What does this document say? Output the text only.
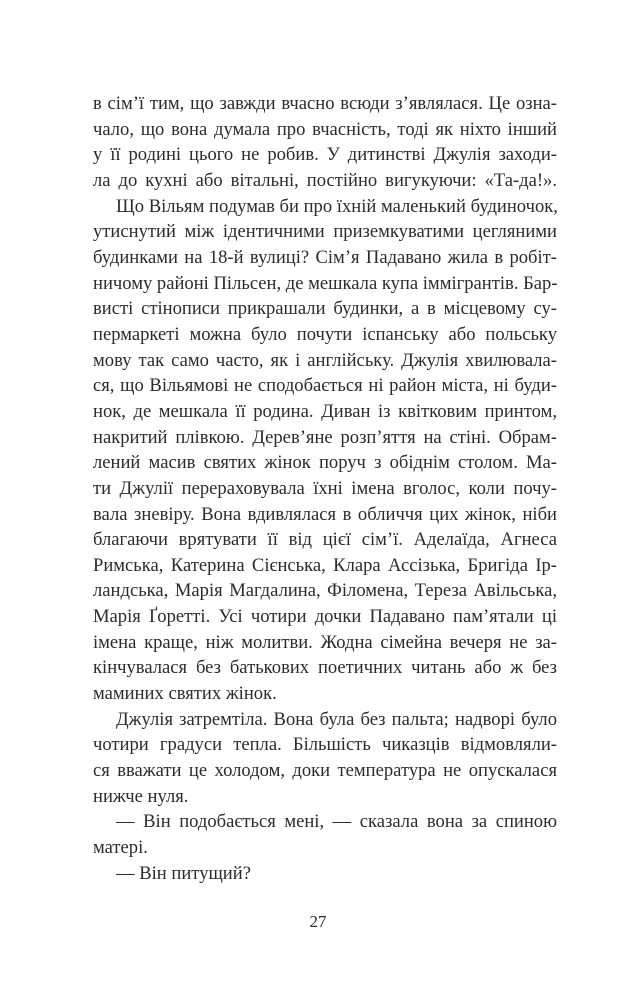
в сім’ї тим, що завжди вчасно всюди з’являлася. Це озна-
чало, що вона думала про вчасність, тоді як ніхто інший
у її родині цього не робив. У дитинстві Джулія заходи-
ла до кухні або вітальні, постійно вигукуючи: «Та-да!».
Що Вільям подумав би про їхній маленький будиночок,
утиснутий між ідентичними приземкуватими цегляними
будинками на 18-й вулиці? Сім’я Падавано жила в робіт-
ничому районі Пільсен, де мешкала купа іммігрантів. Бар-
висті стінописи прикрашали будинки, а в місцевому су-
пермаркеті можна було почути іспанську або польську
мову так само часто, як і англійську. Джулія хвилювала-
ся, що Вільямові не сподобається ні район міста, ні буди-
нок, де мешкала її родина. Диван із квітковим принтом,
накритий плівкою. Дерев’яне розп’яття на стіні. Обрам-
лений масив святих жінок поруч з обіднім столом. Ма-
ти Джулії перераховувала їхні імена вголос, коли почу-
вала зневіру. Вона вдивлялася в обличчя цих жінок, ніби
благаючи врятувати її від цієї сім’ї. Аделаїда, Агнеса
Римська, Катерина Сієнська, Клара Ассізька, Бригіда Ір-
ландська, Марія Магдалина, Філомена, Тереза Авільська,
Марія Ґоретті. Усі чотири дочки Падавано пам’ятали ці
імена краще, ніж молитви. Жодна сімейна вечеря не за-
кінчувалася без батькових поетичних читань або ж без
маминих святих жінок.
Джулія затремтіла. Вона була без пальта; надворі було
чотири градуси тепла. Більшість чиказців відмовляли-
ся вважати це холодом, доки температура не опускалася
нижче нуля.
— Він подобається мені, — сказала вона за спиною
матері.
— Він питущий?
27
